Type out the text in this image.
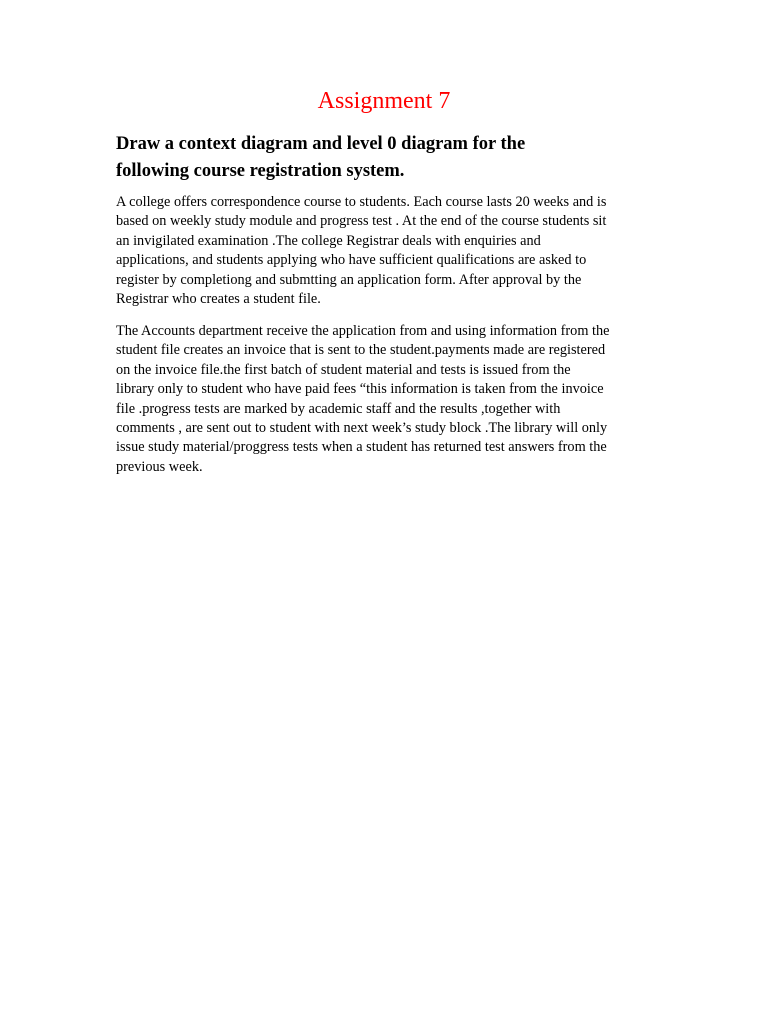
Assignment 7
Draw a context diagram and level 0 diagram for the
following course registration system.

A college offers correspondence course to students. Each course lasts 20 weeks and is
based on weekly study module and progress test . At the end of the course students sit
an invigilated examination .The college Registrar deals with enquiries and
applications, and students applying who have sufficient qualifications are asked to
register by completiong and submtting an application form. After approval by the
Registrar who creates a student file.

The Accounts department receive the application from and using information from the
student file creates an invoice that is sent to the student.payments made are registered
on the invoice file.the first batch of student material and tests is issued from the
library only to student who have paid fees “this information is taken from the invoice
file .progress tests are marked by academic staff and the results ,together with
comments , are sent out to student with next week’s study block .The library will only
issue study material/proggress tests when a student has returned test answers from the
previous week.
